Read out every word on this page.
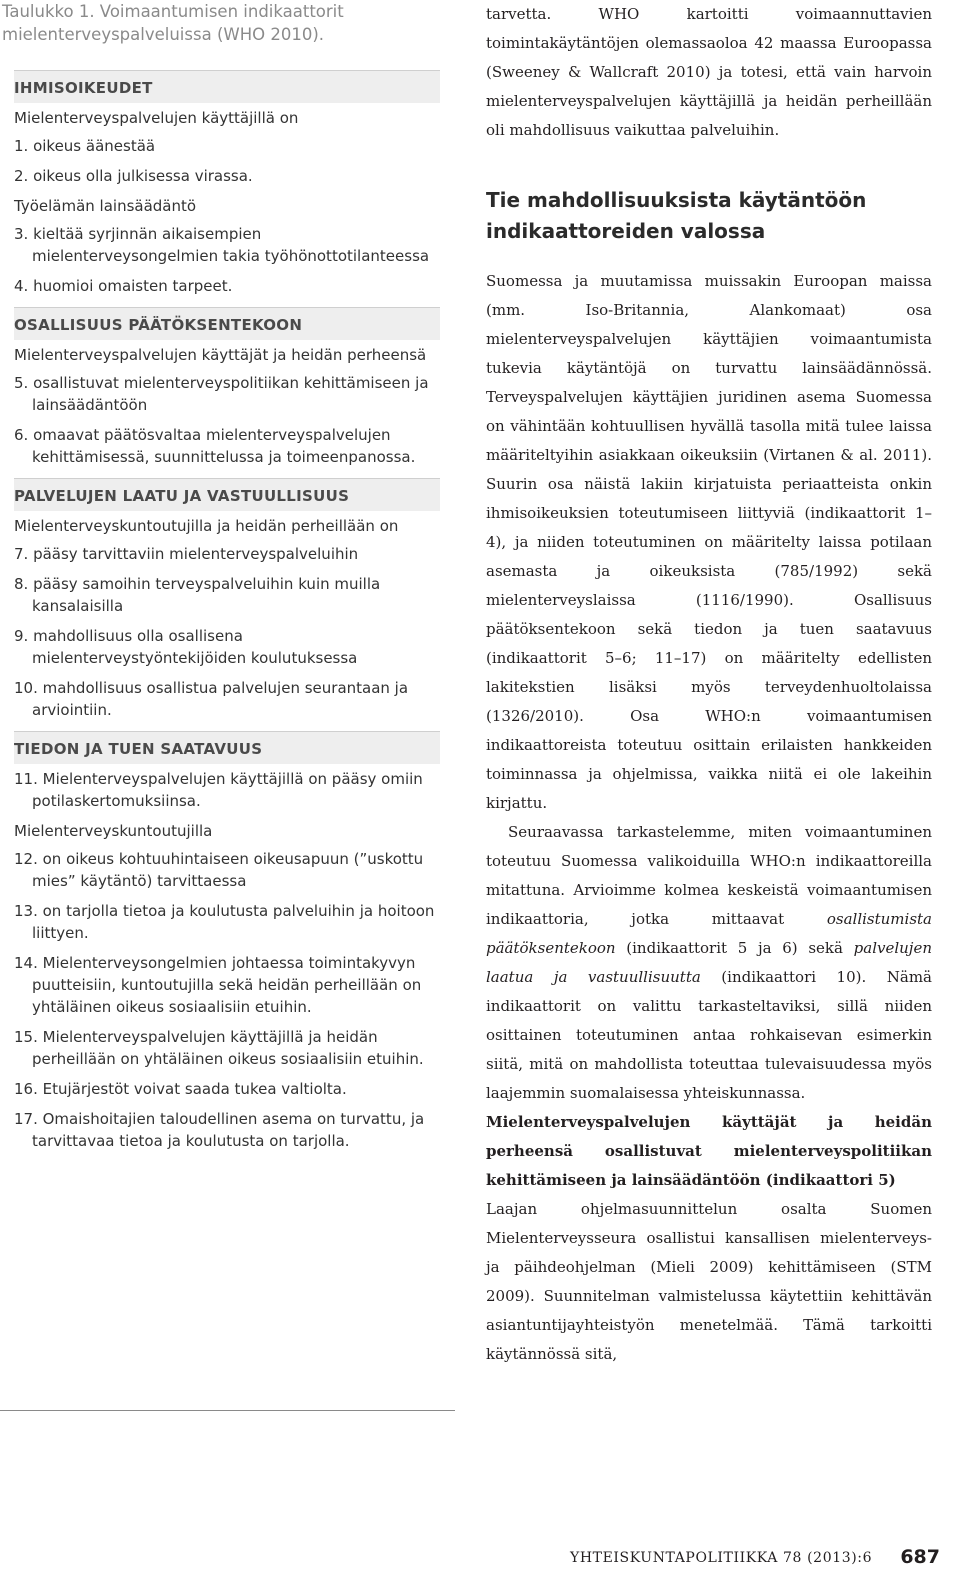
Taulukko 1. Voimaantumisen indikaattorit mielenterveyspalveluissa (WHO 2010).
IHMISOIKEUDET
Mielenterveyspalvelujen käyttäjillä on
1. oikeus äänestää
2. oikeus olla julkisessa virassa.
Työelämän lainsäädäntö
3. kieltää syrjinnän aikaisempien mielenterveysongelmien takia työhönottotilanteessa
4. huomioi omaisten tarpeet.
OSALLISUUS PÄÄTÖKSENTEKOON
Mielenterveyspalvelujen käyttäjät ja heidän perheensä
5. osallistuvat mielenterveyspolitiikan kehittämiseen ja lainsäädäntöön
6. omaavat päätösvaltaa mielenterveyspalvelujen kehittämisessä, suunnittelussa ja toimeenpanossa.
PALVELUJEN LAATU JA VASTUULLISUUS
Mielenterveyskuntoutujilla ja heidän perheillään on
7. pääsy tarvittaviin mielenterveyspalveluihin
8. pääsy samoihin terveyspalveluihin kuin muilla kansalaisilla
9. mahdollisuus olla osallisena mielenterveystyöntekijöiden koulutuksessa
10. mahdollisuus osallistua palvelujen seurantaan ja arviointiin.
TIEDON JA TUEN SAATAVUUS
11. Mielenterveyspalvelujen käyttäjillä on pääsy omiin potilaskertomuksiinsa.
Mielenterveyskuntoutujilla
12. on oikeus kohtuuhintaiseen oikeusapuun (”uskottu mies” käytäntö) tarvittaessa
13. on tarjolla tietoa ja koulutusta palveluihin ja hoitoon liittyen.
14. Mielenterveysongelmien johtaessa toimintakyvyn puutteisiin, kuntoutujilla sekä heidän perheillään on yhtäläinen oikeus sosiaalisiin etuihin.
15. Mielenterveyspalvelujen käyttäjillä ja heidän perheillään on yhtäläinen oikeus sosiaalisiin etuihin.
16. Etujärjestöt voivat saada tukea valtiolta.
17. Omaishoitajien taloudellinen asema on turvattu, ja tarvittavaa tietoa ja koulutusta on tarjolla.

tarvetta. WHO kartoitti voimaannuttavien toimintakäytäntöjen olemassaoloa 42 maassa Euroopassa (Sweeney & Wallcraft 2010) ja totesi, että vain harvoin mielenterveyspalvelujen käyttäjillä ja heidän perheillään oli mahdollisuus vaikuttaa palveluihin.

Tie mahdollisuuksista käytäntöön indikaattoreiden valossa

Suomessa ja muutamissa muissakin Euroopan maissa (mm. Iso-Britannia, Alankomaat) osa mielenterveyspalvelujen käyttäjien voimaantumista tukevia käytäntöjä on turvattu lainsäädännössä. Terveyspalvelujen käyttäjien juridinen asema Suomessa on vähintään kohtuullisen hyvällä tasolla mitä tulee laissa määriteltyihin asiakkaan oikeuksiin (Virtanen & al. 2011). Suurin osa näistä lakiin kirjatuista periaatteista onkin ihmisoikeuksien toteutumiseen liittyviä (indikaattorit 1–4), ja niiden toteutuminen on määritelty laissa potilaan asemasta ja oikeuksista (785/1992) sekä mielenterveyslaissa (1116/1990). Osallisuus päätöksentekoon sekä tiedon ja tuen saatavuus (indikaattorit 5–6; 11–17) on määritelty edellisten lakitekstien lisäksi myös terveydenhuoltolaissa (1326/2010). Osa WHO:n voimaantumisen indikaattoreista toteutuu osittain erilaisten hankkeiden toiminnassa ja ohjelmissa, vaikka niitä ei ole lakeihin kirjattu.

Seuraavassa tarkastelemme, miten voimaantuminen toteutuu Suomessa valikoiduilla WHO:n indikaattoreilla mitattuna. Arvioimme kolmea keskeistä voimaantumisen indikaattoria, jotka mittaavat osallistumista päätöksentekoon (indikaattorit 5 ja 6) sekä palvelujen laatua ja vastuullisuutta (indikaattori 10). Nämä indikaattorit on valittu tarkasteltaviksi, sillä niiden osittainen toteutuminen antaa rohkaisevan esimerkin siitä, mitä on mahdollista toteuttaa tulevaisuudessa myös laajemmin suomalaisessa yhteiskunnassa.

Mielenterveyspalvelujen käyttäjät ja heidän perheensä osallistuvat mielenterveyspolitiikan kehittämiseen ja lainsäädäntöön (indikaattori 5)

Laajan ohjelmasuunnittelun osalta Suomen Mielenterveysseura osallistui kansallisen mielenterveys- ja päihdeohjelman (Mieli 2009) kehittämiseen (STM 2009). Suunnitelman valmistelussa käytettiin kehittävän asiantuntijayhteistyön menetelmää. Tämä tarkoitti käytännössä sitä,

YHTEISKUNTAPOLITIIKKA 78 (2013):6 687
